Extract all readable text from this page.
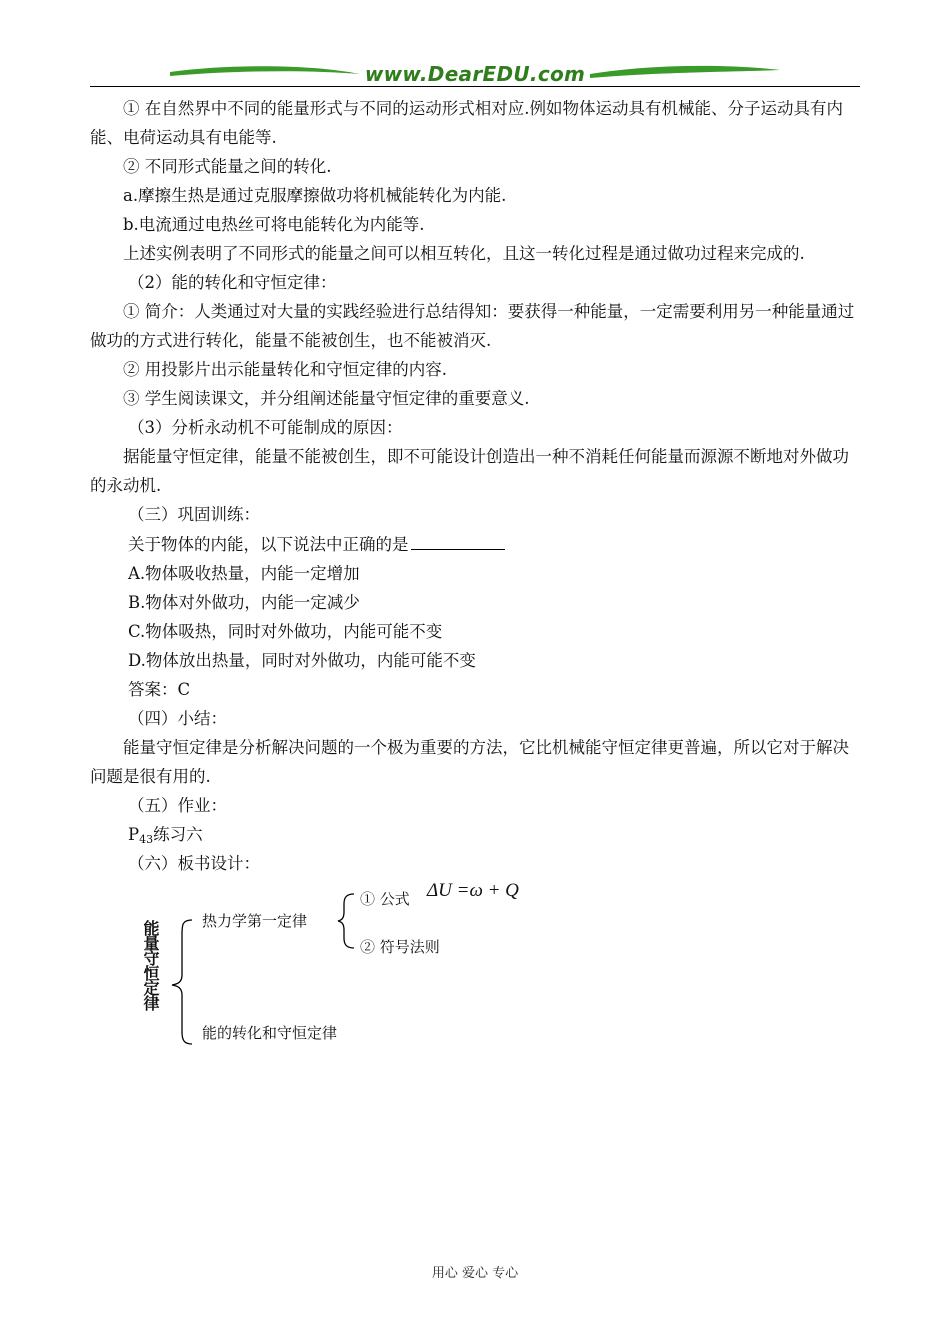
www.DearEDU.com

① 在自然界中不同的能量形式与不同的运动形式相对应.例如物体运动具有机械能、分子运动具有内能、电荷运动具有电能等.

② 不同形式能量之间的转化.

a.摩擦生热是通过克服摩擦做功将机械能转化为内能.

b.电流通过电热丝可将电能转化为内能等.

上述实例表明了不同形式的能量之间可以相互转化，且这一转化过程是通过做功过程来完成的.

（2）能的转化和守恒定律：

① 简介：人类通过对大量的实践经验进行总结得知：要获得一种能量，一定需要利用另一种能量通过做功的方式进行转化，能量不能被创生，也不能被消灭.

② 用投影片出示能量转化和守恒定律的内容.

③ 学生阅读课文，并分组阐述能量守恒定律的重要意义.

（3）分析永动机不可能制成的原因：

据能量守恒定律，能量不能被创生，即不可能设计创造出一种不消耗任何能量而源源不断地对外做功的永动机.

（三）巩固训练：

关于物体的内能，以下说法中正确的是

A.物体吸收热量，内能一定增加

B.物体对外做功，内能一定减少

C.物体吸热，同时对外做功，内能可能不变

D.物体放出热量，同时对外做功，内能可能不变

答案：C

（四）小结：

能量守恒定律是分析解决问题的一个极为重要的方法，它比机械能守恒定律更普遍，所以它对于解决问题是很有用的.

（五）作业：

$P_{43}$练习六

（六）板书设计：

能量守恒定律	热力学第一定律
① 公式 ΔU =ω + Q
② 符号法则
能的转化和守恒定律
用心 爱心 专心
